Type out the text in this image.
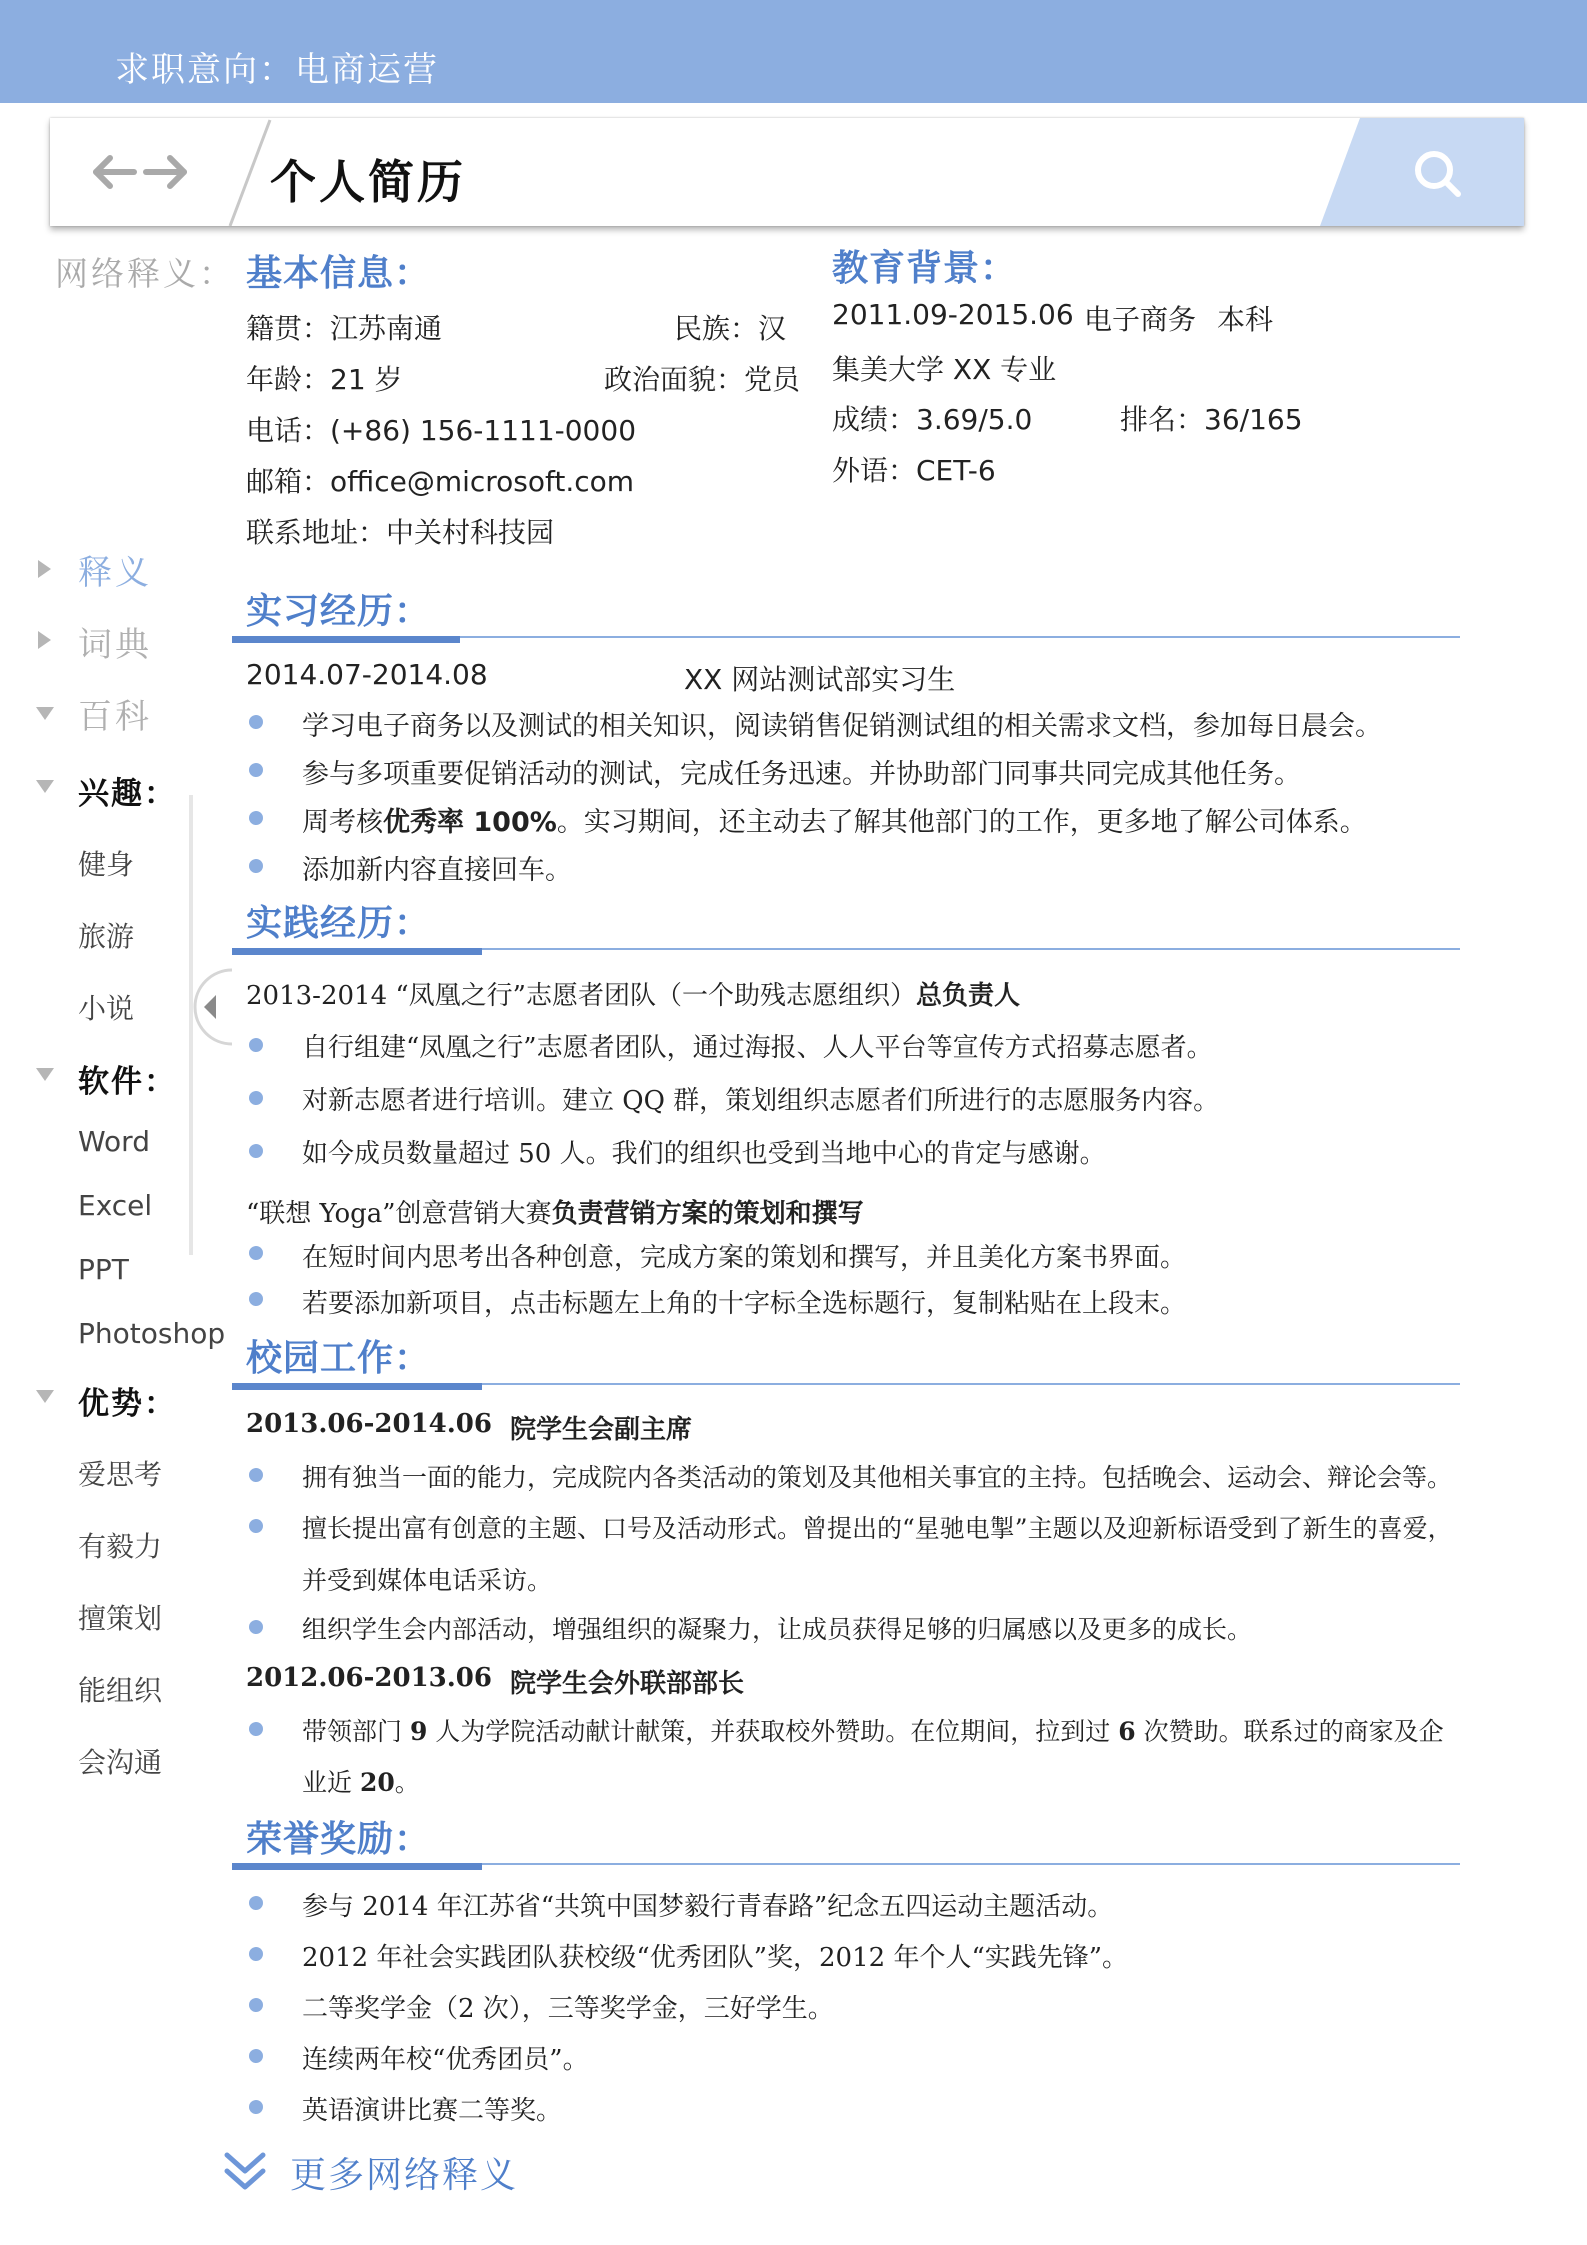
求职意向：电商运营
个人简历
网络释义：
释义
词典
百科
兴趣：
健身
旅游
小说
软件：
Word
Excel
PPT
Photoshop
优势：
爱思考
有毅力
擅策划
能组织
会沟通
基本信息：
籍贯：江苏南通	民族：汉
年龄：21 岁	政治面貌：党员
电话：(+86) 156-1111-0000
邮箱：office@microsoft.com
联系地址：中关村科技园
教育背景：
2011.09-2015.06 电子商务 本科
集美大学 XX 专业
成绩：3.69/5.0	排名：36/165
外语：CET-6
实习经历：
2014.07-2014.08	XX 网站测试部实习生
学习电子商务以及测试的相关知识，阅读销售促销测试组的相关需求文档，参加每日晨会。
参与多项重要促销活动的测试，完成任务迅速。并协助部门同事共同完成其他任务。
周考核优秀率 100%。实习期间，还主动去了解其他部门的工作，更多地了解公司体系。
添加新内容直接回车。
实践经历：
2013-2014 “凤凰之行”志愿者团队（一个助残志愿组织）总负责人
自行组建“凤凰之行”志愿者团队，通过海报、人人平台等宣传方式招募志愿者。
对新志愿者进行培训。建立 QQ 群，策划组织志愿者们所进行的志愿服务内容。
如今成员数量超过 50 人。我们的组织也受到当地中心的肯定与感谢。
“联想 Yoga”创意营销大赛负责营销方案的策划和撰写
在短时间内思考出各种创意，完成方案的策划和撰写，并且美化方案书界面。
若要添加新项目，点击标题左上角的十字标全选标题行，复制粘贴在上段末。
校园工作：
2013.06-2014.06 院学生会副主席
拥有独当一面的能力，完成院内各类活动的策划及其他相关事宜的主持。包括晚会、运动会、辩论会等。
擅长提出富有创意的主题、口号及活动形式。曾提出的“星驰电掣”主题以及迎新标语受到了新生的喜爱，
并受到媒体电话采访。
组织学生会内部活动，增强组织的凝聚力，让成员获得足够的归属感以及更多的成长。
2012.06-2013.06 院学生会外联部部长
带领部门 9 人为学院活动献计献策，并获取校外赞助。在位期间，拉到过 6 次赞助。联系过的商家及企
业近 20。
荣誉奖励：
参与 2014 年江苏省“共筑中国梦毅行青春路”纪念五四运动主题活动。
2012 年社会实践团队获校级“优秀团队”奖，2012 年个人“实践先锋”。
二等奖学金（2 次），三等奖学金，三好学生。
连续两年校“优秀团员”。
英语演讲比赛二等奖。
更多网络释义
